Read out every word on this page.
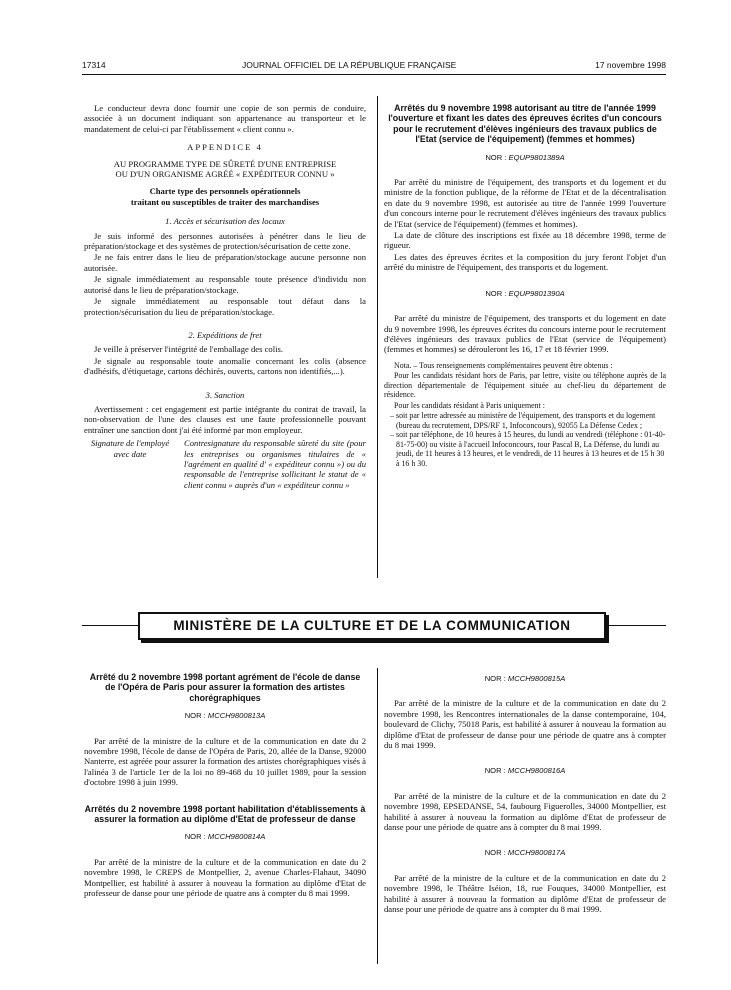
17314	JOURNAL OFFICIEL DE LA RÉPUBLIQUE FRANÇAISE	17 novembre 1998

Le conducteur devra donc fournir une copie de son permis de conduire, associée à un document indiquant son appartenance au transporteur et le mandatement de celui-ci par l'établissement « client connu ».

APPENDICE 4
AU PROGRAMME TYPE DE SÛRETÉ D'UNE ENTREPRISE
OU D'UN ORGANISME AGRÉÉ « EXPÉDITEUR CONNU »
Charte type des personnels opérationnels
traitant ou susceptibles de traiter des marchandises
1. Accès et sécurisation des locaux

Je suis informé des personnes autorisées à pénétrer dans le lieu de préparation/stockage et des systèmes de protection/sécurisation de cette zone.

Je ne fais entrer dans le lieu de préparation/stockage aucune personne non autorisée.

Je signale immédiatement au responsable toute présence d'individu non autorisé dans le lieu de préparation/stockage.

Je signale immédiatement au responsable tout défaut dans la protection/sécurisation du lieu de préparation/stockage.

2. Expéditions de fret

Je veille à préserver l'intégrité de l'emballage des colis.

Je signale au responsable toute anomalie concernant les colis (absence d'adhésifs, d'étiquetage, cartons déchirés, ouverts, cartons non identifiés,...).

3. Sanction

Avertissement : cet engagement est partie intégrante du contrat de travail, la non-observation de l'une des clauses est une faute professionnelle pouvant entraîner une sanction dont j'ai été informé par mon employeur.

Signature de l'employé avec date
Contresignature du responsable sûreté du site (pour les entreprises ou organismes titulaires de « l'agrément en qualité d' « expéditeur connu ») ou du responsable de l'entreprise sollicitant le statut de « client connu » auprès d'un « expéditeur connu »
Arrêtés du 9 novembre 1998 autorisant au titre de l'année 1999 l'ouverture et fixant les dates des épreuves écrites d'un concours pour le recrutement d'élèves ingénieurs des travaux publics de l'Etat (service de l'équipement) (femmes et hommes)
NOR : EQUP9801389A

Par arrêté du ministre de l'équipement, des transports et du logement et du ministre de la fonction publique, de la réforme de l'Etat et de la décentralisation en date du 9 novembre 1998, est autorisée au titre de l'année 1999 l'ouverture d'un concours interne pour le recrutement d'élèves ingénieurs des travaux publics de l'Etat (service de l'équipement) (femmes et hommes).

La date de clôture des inscriptions est fixée au 18 décembre 1998, terme de rigueur.

Les dates des épreuves écrites et la composition du jury feront l'objet d'un arrêté du ministre de l'équipement, des transports et du logement.

NOR : EQUP9801390A

Par arrêté du ministre de l'équipement, des transports et du logement en date du 9 novembre 1998, les épreuves écrites du concours interne pour le recrutement d'élèves ingénieurs des travaux publics de l'Etat (service de l'équipement) (femmes et hommes) se dérouleront les 16, 17 et 18 février 1999.

Nota. – Tous renseignements complémentaires peuvent être obtenus :

Pour les candidats résidant hors de Paris, par lettre, visite ou téléphone auprès de la direction départementale de l'équipement située au chef-lieu du département de résidence.

Pour les candidats résidant à Paris uniquement :

– soit par lettre adressée au ministère de l'équipement, des transports et du logement (bureau du recrutement, DPS/RF 1, Infoconcours), 92055 La Défense Cedex ;
– soit par téléphone, de 10 heures à 15 heures, du lundi au vendredi (téléphone : 01-40-81-75-00) ou visite à l'accueil Infoconcours, tour Pascal B, La Défense, du lundi au jeudi, de 11 heures à 13 heures, et le vendredi, de 11 heures à 13 heures et de 15 h 30 à 16 h 30.
MINISTÈRE DE LA CULTURE ET DE LA COMMUNICATION
Arrêté du 2 novembre 1998 portant agrément de l'école de danse de l'Opéra de Paris pour assurer la formation des artistes chorégraphiques
NOR : MCCH9800813A

Par arrêté de la ministre de la culture et de la communication en date du 2 novembre 1998, l'école de danse de l'Opéra de Paris, 20, allée de la Danse, 92000 Nanterre, est agréée pour assurer la formation des artistes chorégraphiques visés à l'alinéa 3 de l'article 1er de la loi no 89-468 du 10 juillet 1989, pour la session d'octobre 1998 à juin 1999.

Arrêtés du 2 novembre 1998 portant habilitation d'établissements à assurer la formation au diplôme d'Etat de professeur de danse
NOR : MCCH9800814A

Par arrêté de la ministre de la culture et de la communication en date du 2 novembre 1998, le CREPS de Montpellier, 2, avenue Charles-Flahaut, 34090 Montpellier, est habilité à assurer à nouveau la formation au diplôme d'Etat de professeur de danse pour une période de quatre ans à compter du 8 mai 1999.

NOR : MCCH9800815A

Par arrêté de la ministre de la culture et de la communication en date du 2 novembre 1998, les Rencontres internationales de la danse contemporaine, 104, boulevard de Clichy, 75018 Paris, est habilité à assurer à nouveau la formation au diplôme d'Etat de professeur de danse pour une période de quatre ans à compter du 8 mai 1999.

NOR : MCCH9800816A

Par arrêté de la ministre de la culture et de la communication en date du 2 novembre 1998, EPSEDANSE, 54, faubourg Figuerolles, 34000 Montpellier, est habilité à assurer à nouveau la formation au diplôme d'Etat de professeur de danse pour une période de quatre ans à compter du 8 mai 1999.

NOR : MCCH9800817A

Par arrêté de la ministre de la culture et de la communication en date du 2 novembre 1998, le Théâtre Iséion, 18, rue Fouques, 34000 Montpellier, est habilité à assurer à nouveau la formation au diplôme d'Etat de professeur de danse pour une période de quatre ans à compter du 8 mai 1999.
